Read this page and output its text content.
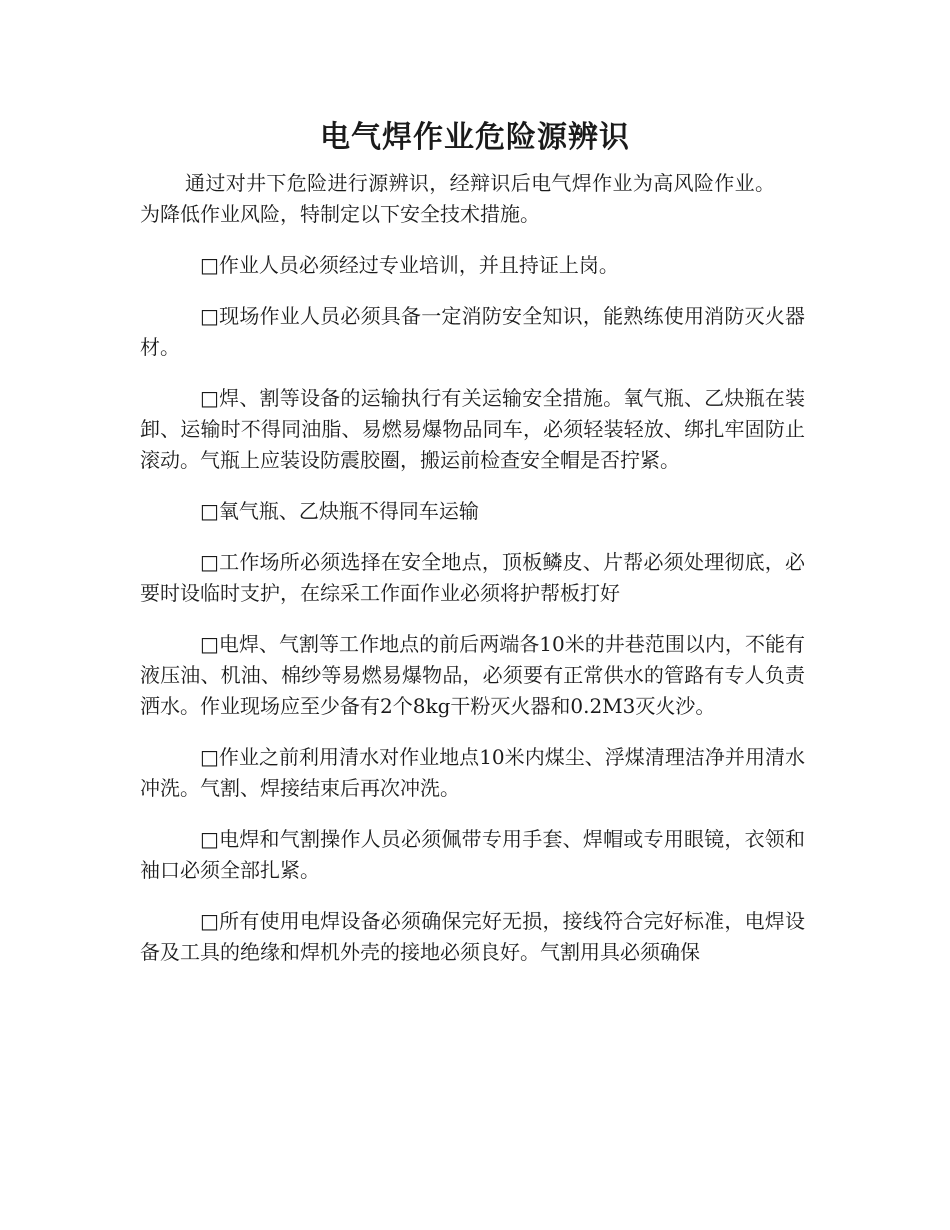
电气焊作业危险源辨识

通过对井下危险进行源辨识，经辩识后电气焊作业为高风险作业。为降低作业风险，特制定以下安全技术措施。

□作业人员必须经过专业培训，并且持证上岗。

□现场作业人员必须具备一定消防安全知识，能熟练使用消防灭火器材。

□焊、割等设备的运输执行有关运输安全措施。氧气瓶、乙炔瓶在装卸、运输时不得同油脂、易燃易爆物品同车，必须轻装轻放、绑扎牢固防止滚动。气瓶上应装设防震胶圈，搬运前检查安全帽是否拧紧。

□氧气瓶、乙炔瓶不得同车运输

□工作场所必须选择在安全地点，顶板鳞皮、片帮必须处理彻底，必要时设临时支护，在综采工作面作业必须将护帮板打好

□电焊、气割等工作地点的前后两端各10米的井巷范围以内，不能有液压油、机油、棉纱等易燃易爆物品，必须要有正常供水的管路有专人负责洒水。作业现场应至少备有2个8kg干粉灭火器和0.2M3灭火沙。

□作业之前利用清水对作业地点10米内煤尘、浮煤清理洁净并用清水冲洗。气割、焊接结束后再次冲洗。

□电焊和气割操作人员必须佩带专用手套、焊帽或专用眼镜，衣领和袖口必须全部扎紧。

□所有使用电焊设备必须确保完好无损，接线符合完好标准，电焊设备及工具的绝缘和焊机外壳的接地必须良好。气割用具必须确保
